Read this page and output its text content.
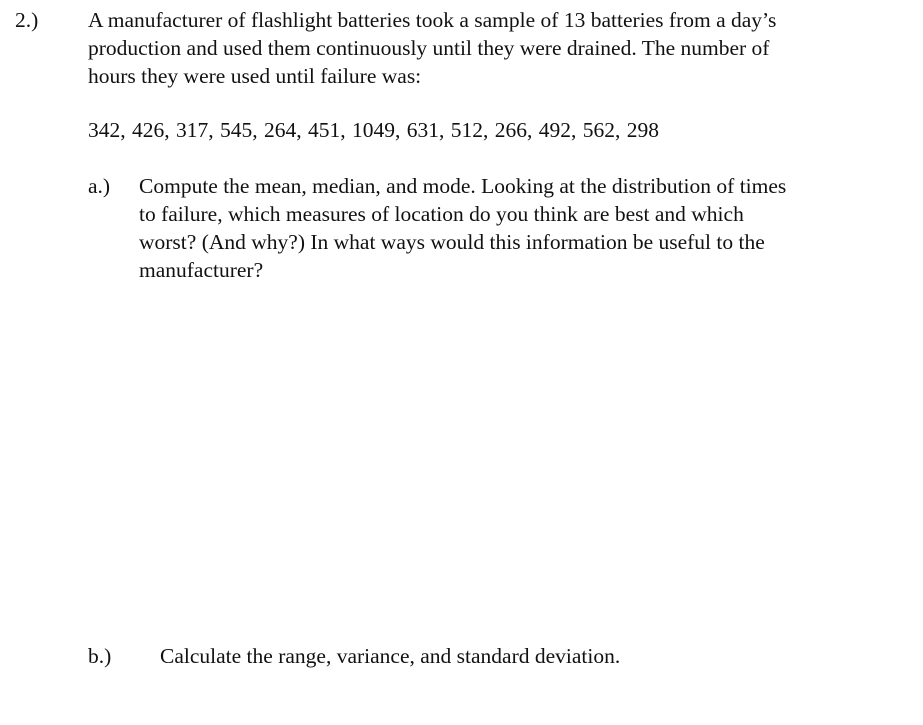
2.) A manufacturer of flashlight batteries took a sample of 13 batteries from a day’s
production and used them continuously until they were drained. The number of
hours they were used until failure was:
342, 426, 317, 545, 264, 451, 1049, 631, 512, 266, 492, 562, 298
a.) Compute the mean, median, and mode. Looking at the distribution of times
to failure, which measures of location do you think are best and which
worst? (And why?) In what ways would this information be useful to the
manufacturer?
b.) Calculate the range, variance, and standard deviation.
